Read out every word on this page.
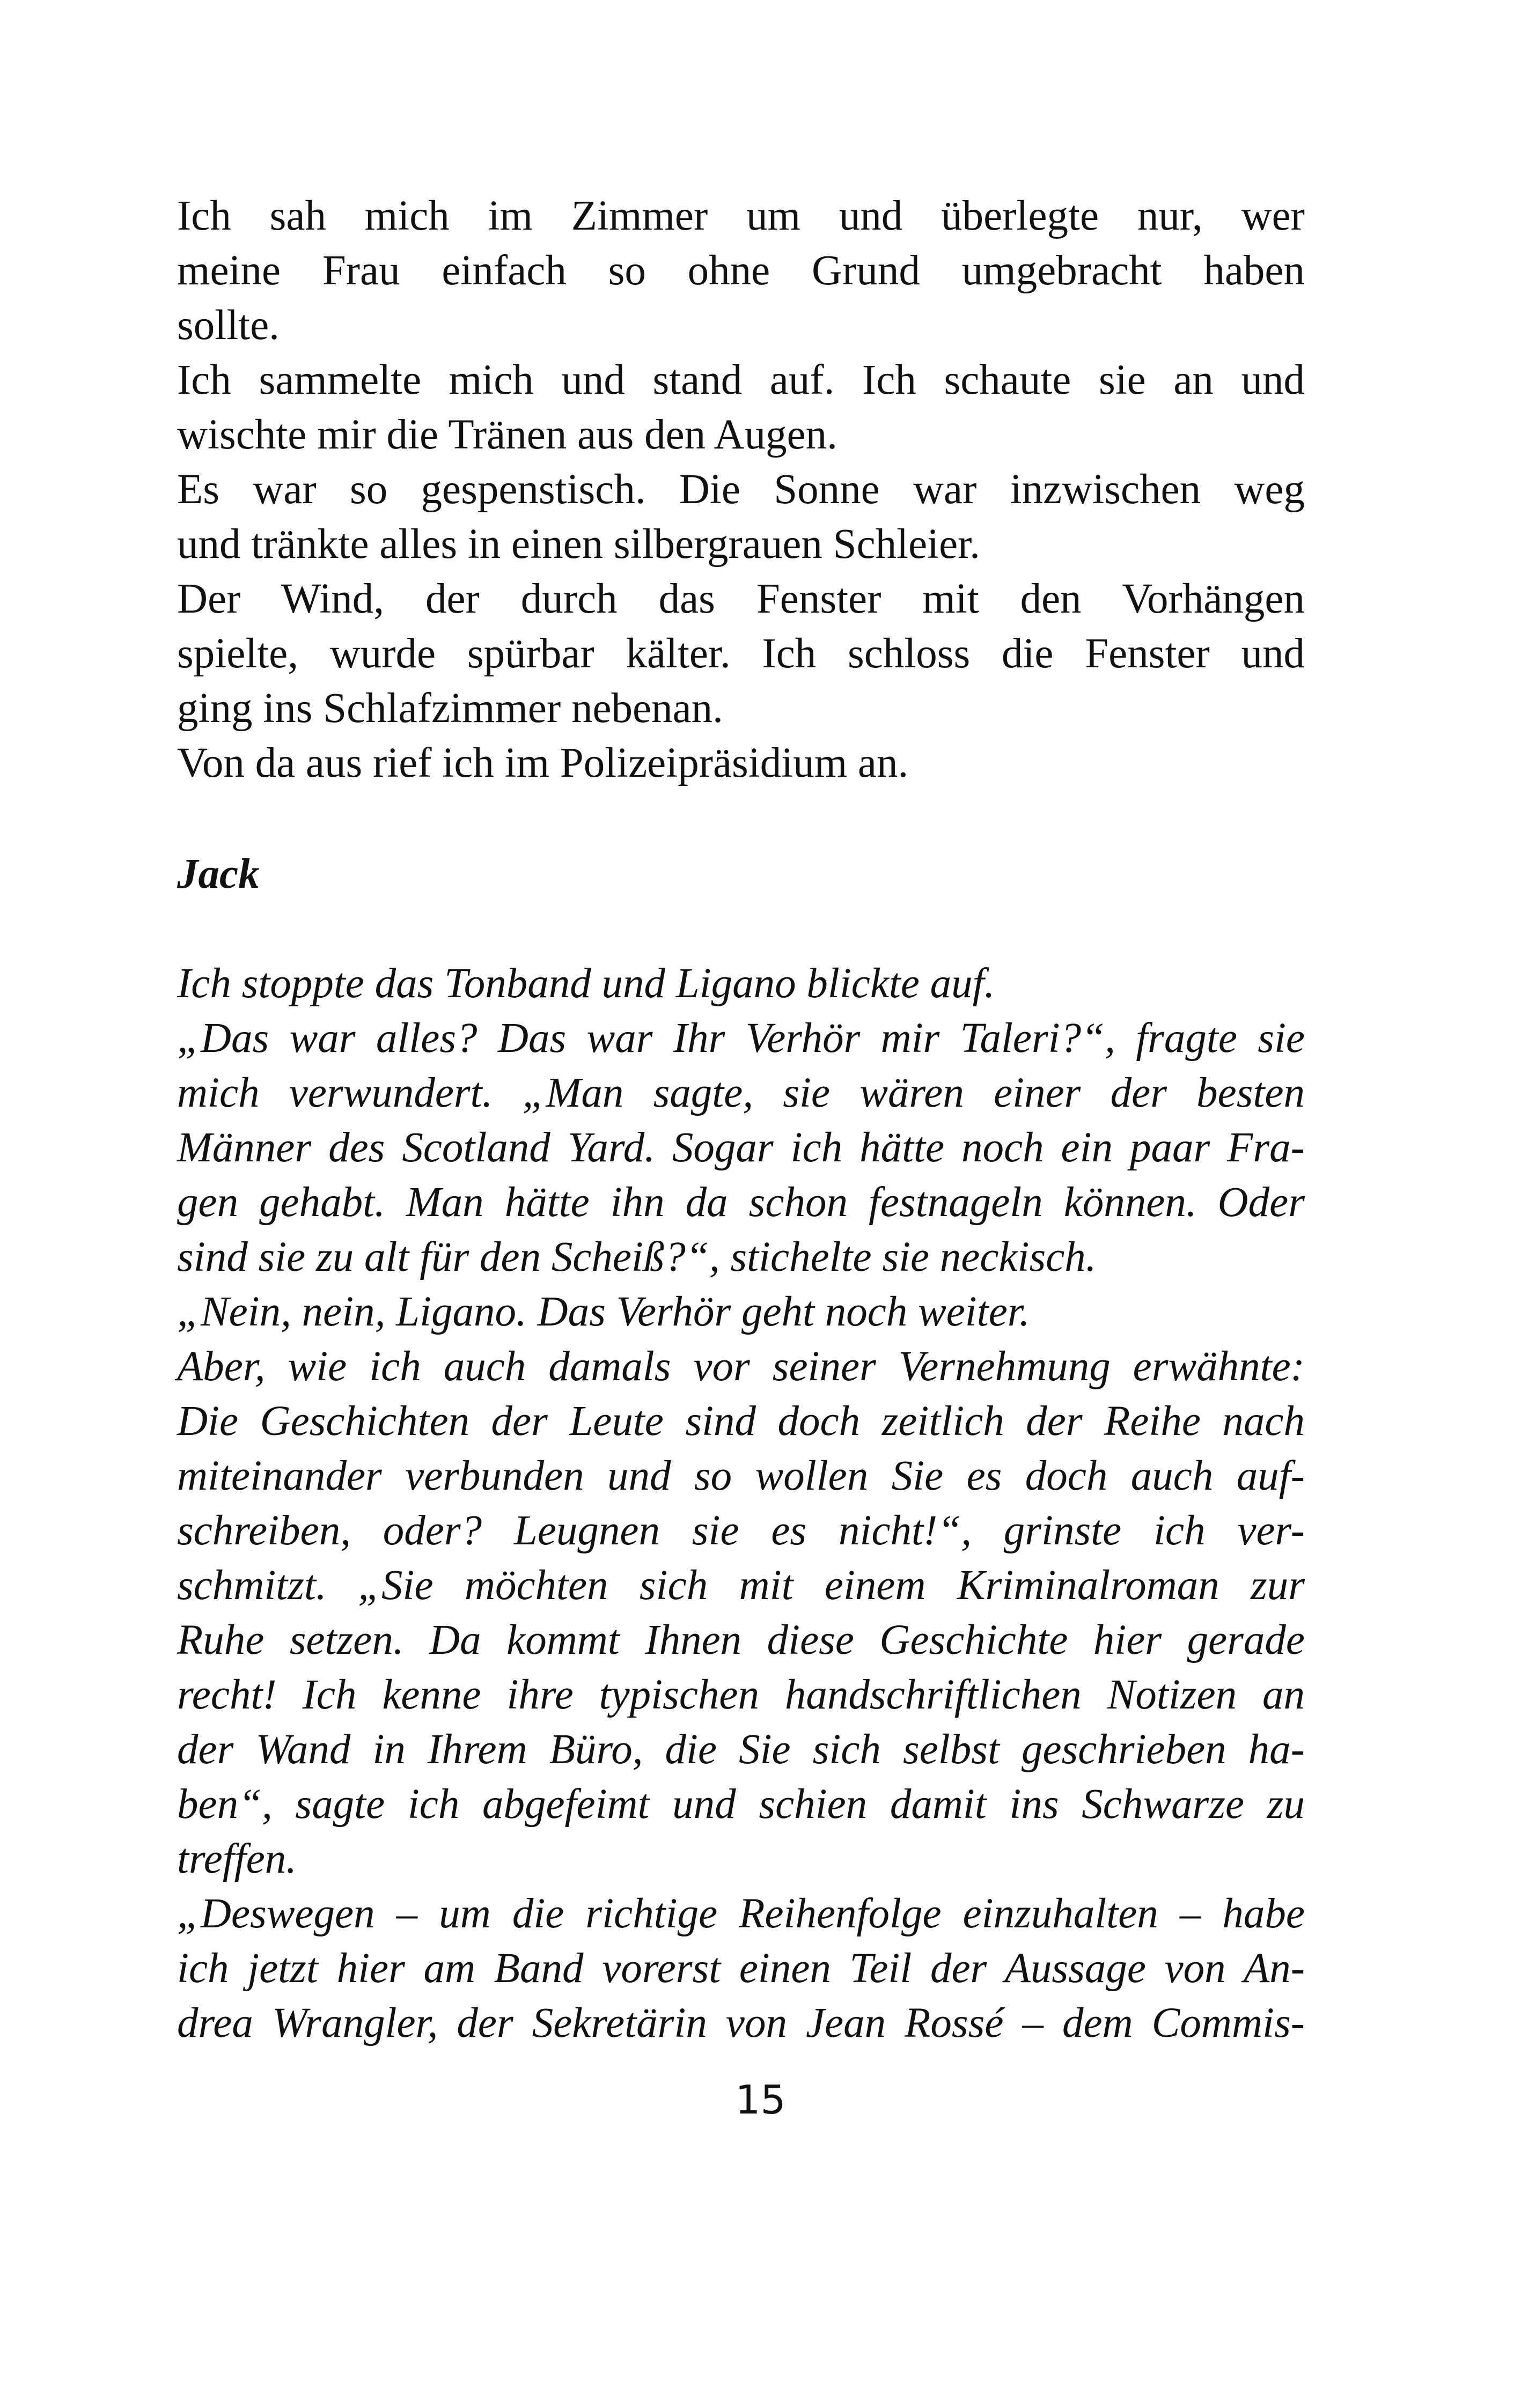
Ich sah mich im Zimmer um und überlegte nur, wer
meine Frau einfach so ohne Grund umgebracht haben
sollte.

Ich sammelte mich und stand auf. Ich schaute sie an und
wischte mir die Tränen aus den Augen.

Es war so gespenstisch. Die Sonne war inzwischen weg
und tränkte alles in einen silbergrauen Schleier.

Der Wind, der durch das Fenster mit den Vorhängen
spielte, wurde spürbar kälter. Ich schloss die Fenster und
ging ins Schlafzimmer nebenan.

Von da aus rief ich im Polizeipräsidium an.

Jack

Ich stoppte das Tonband und Ligano blickte auf.

„Das war alles? Das war Ihr Verhör mir Taleri?“, fragte sie
mich verwundert. „Man sagte, sie wären einer der besten
Männer des Scotland Yard. Sogar ich hätte noch ein paar Fra-
gen gehabt. Man hätte ihn da schon festnageln können. Oder
sind sie zu alt für den Scheiß?“, stichelte sie neckisch.

„Nein, nein, Ligano. Das Verhör geht noch weiter.

Aber, wie ich auch damals vor seiner Vernehmung erwähnte:
Die Geschichten der Leute sind doch zeitlich der Reihe nach
miteinander verbunden und so wollen Sie es doch auch auf-
schreiben, oder? Leugnen sie es nicht!“, grinste ich ver-
schmitzt. „Sie möchten sich mit einem Kriminalroman zur
Ruhe setzen. Da kommt Ihnen diese Geschichte hier gerade
recht! Ich kenne ihre typischen handschriftlichen Notizen an
der Wand in Ihrem Büro, die Sie sich selbst geschrieben ha-
ben“, sagte ich abgefeimt und schien damit ins Schwarze zu
treffen.

„Deswegen – um die richtige Reihenfolge einzuhalten – habe
ich jetzt hier am Band vorerst einen Teil der Aussage von An-
drea Wrangler, der Sekretärin von Jean Rossé – dem Commis-

15
